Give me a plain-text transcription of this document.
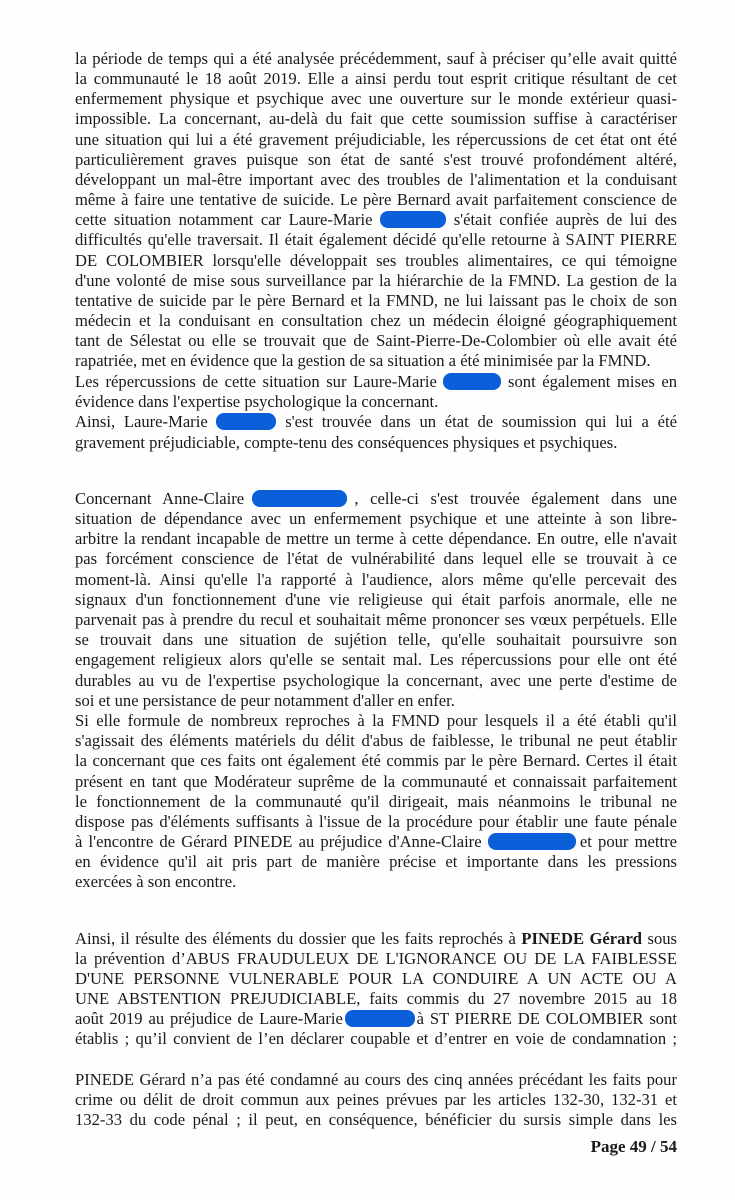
la période de temps qui a été analysée précédemment, sauf à préciser qu’elle avait quitté
la communauté le 18 août 2019. Elle a ainsi perdu tout esprit critique résultant de cet
enfermement physique et psychique avec une ouverture sur le monde extérieur quasi-
impossible. La concernant, au-delà du fait que cette soumission suffise à caractériser
une situation qui lui a été gravement préjudiciable, les répercussions de cet état ont été
particulièrement graves puisque son état de santé s'est trouvé profondément altéré,
développant un mal-être important avec des troubles de l'alimentation et la conduisant
même à faire une tentative de suicide. Le père Bernard avait parfaitement conscience de
cette situation notamment car Laure-Marie	s'était confiée auprès de lui des
difficultés qu'elle traversait. Il était également décidé qu'elle retourne à SAINT PIERRE
DE COLOMBIER lorsqu'elle développait ses troubles alimentaires, ce qui témoigne
d'une volonté de mise sous surveillance par la hiérarchie de la FMND. La gestion de la
tentative de suicide par le père Bernard et la FMND, ne lui laissant pas le choix de son
médecin et la conduisant en consultation chez un médecin éloigné géographiquement
tant de Sélestat ou elle se trouvait que de Saint-Pierre-De-Colombier où elle avait été
rapatriée, met en évidence que la gestion de sa situation a été minimisée par la FMND.
Les répercussions de cette situation sur Laure-Marie	sont également mises en
évidence dans l'expertise psychologique la concernant.
Ainsi, Laure-Marie	s'est trouvée dans un état de soumission qui lui a été
gravement préjudiciable, compte-tenu des conséquences physiques et psychiques.
Concernant Anne-Claire	, celle-ci s'est trouvée également dans une
situation de dépendance avec un enfermement psychique et une atteinte à son libre-
arbitre la rendant incapable de mettre un terme à cette dépendance. En outre, elle n'avait
pas forcément conscience de l'état de vulnérabilité dans lequel elle se trouvait à ce
moment-là. Ainsi qu'elle l'a rapporté à l'audience, alors même qu'elle percevait des
signaux d'un fonctionnement d'une vie religieuse qui était parfois anormale, elle ne
parvenait pas à prendre du recul et souhaitait même prononcer ses vœux perpétuels. Elle
se trouvait dans une situation de sujétion telle, qu'elle souhaitait poursuivre son
engagement religieux alors qu'elle se sentait mal. Les répercussions pour elle ont été
durables au vu de l'expertise psychologique la concernant, avec une perte d'estime de
soi et une persistance de peur notamment d'aller en enfer.
Si elle formule de nombreux reproches à la FMND pour lesquels il a été établi qu'il
s'agissait des éléments matériels du délit d'abus de faiblesse, le tribunal ne peut établir
la concernant que ces faits ont également été commis par le père Bernard. Certes il était
présent en tant que Modérateur suprême de la communauté et connaissait parfaitement
le fonctionnement de la communauté qu'il dirigeait, mais néanmoins le tribunal ne
dispose pas d'éléments suffisants à l'issue de la procédure pour établir une faute pénale
à l'encontre de Gérard PINEDE au préjudice d'Anne-Claire	et pour mettre
en évidence qu'il ait pris part de manière précise et importante dans les pressions
exercées à son encontre.
Ainsi, il résulte des éléments du dossier que les faits reprochés à PINEDE Gérard sous
la prévention d’ABUS FRAUDULEUX DE L'IGNORANCE OU DE LA FAIBLESSE
D'UNE PERSONNE VULNERABLE POUR LA CONDUIRE A UN ACTE OU A
UNE ABSTENTION PREJUDICIABLE, faits commis du 27 novembre 2015 au 18
août 2019 au préjudice de Laure-Marie	à ST PIERRE DE COLOMBIER sont
établis ; qu’il convient de l’en déclarer coupable et d’entrer en voie de condamnation ;
PINEDE Gérard n’a pas été condamné au cours des cinq années précédant les faits pour
crime ou délit de droit commun aux peines prévues par les articles 132-30, 132-31 et
132-33 du code pénal ; il peut, en conséquence, bénéficier du sursis simple dans les
Page 49 / 54
